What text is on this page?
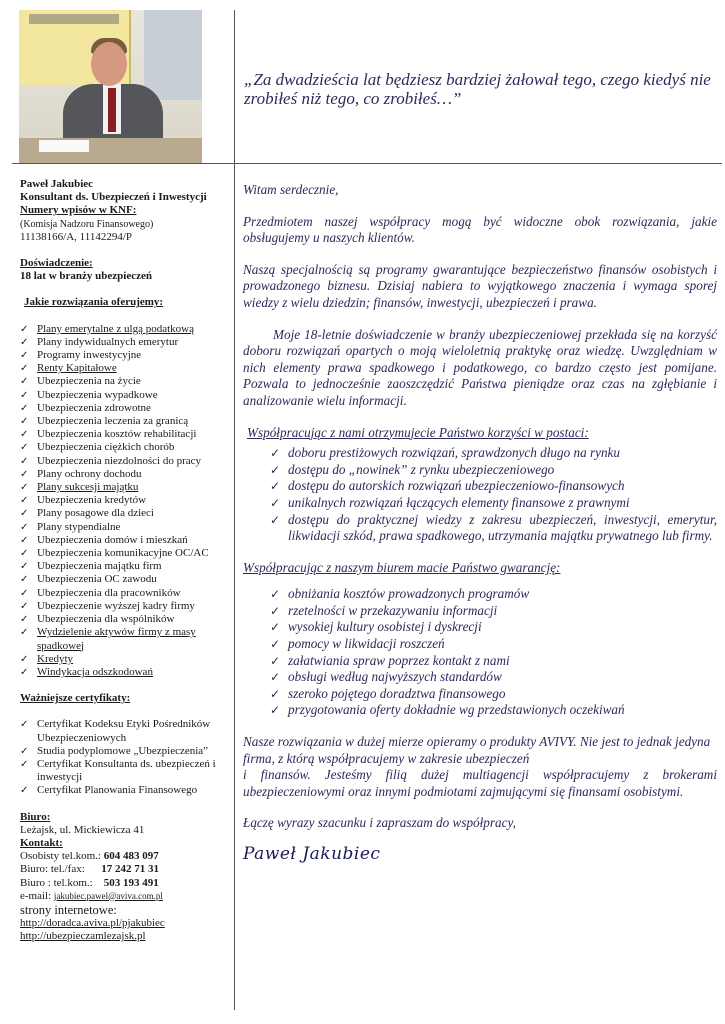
„Za dwadzieścia lat będziesz bardziej żałował tego, czego kiedyś nie zrobiłeś niż tego, co zrobiłeś…”
Paweł Jakubiec
Konsultant ds. Ubezpieczeń i Inwestycji
Numery wpisów w KNF:
(Komisja Nadzoru Finansowego)
11138166/A, 11142294/P
Doświadczenie:
18 lat w branży ubezpieczeń
Jakie rozwiązania oferujemy:
✓ Plany emerytalne z ulgą podatkową
✓ Plany indywidualnych emerytur
✓ Programy inwestycyjne
✓ Renty Kapitałowe
✓ Ubezpieczenia na życie
✓ Ubezpieczenia wypadkowe
✓ Ubezpieczenia zdrowotne
✓ Ubezpieczenia leczenia za granicą
✓ Ubezpieczenia kosztów rehabilitacji
✓ Ubezpieczenia ciężkich chorób
✓ Ubezpieczenia niezdolności do pracy
✓ Plany ochrony dochodu
✓ Plany sukcesji majątku
✓ Ubezpieczenia kredytów
✓ Plany posagowe dla dzieci
✓ Plany stypendialne
✓ Ubezpieczenia domów i mieszkań
✓ Ubezpieczenia komunikacyjne OC/AC
✓ Ubezpieczenia majątku firm
✓ Ubezpieczenia OC zawodu
✓ Ubezpieczenia dla pracowników
✓ Ubezpieczenie wyższej kadry firmy
✓ Ubezpieczenia dla wspólników
✓ Wydzielenie aktywów firmy z masy spadkowej
✓ Kredyty
✓ Windykacja odszkodowań
Ważniejsze certyfikaty:
✓ Certyfikat Kodeksu Etyki Pośredników Ubezpieczeniowych
✓ Studia podyplomowe „Ubezpieczenia”
✓ Certyfikat Konsultanta ds. ubezpieczeń i inwestycji
✓ Certyfikat Planowania Finansowego
Biuro:
Leżajsk, ul. Mickiewicza 41
Kontakt:
Osobisty tel.kom.: 604 483 097
Biuro: tel./fax:      17 242 71 31
Biuro : tel.kom.:    503 193 491
e-mail: jakubiec.pawel@aviva.com.pl
strony internetowe:
http://doradca.aviva.pl/pjakubiec
http://ubezpieczamlezajsk.pl

Witam serdecznie,

Przedmiotem naszej współpracy mogą być widoczne obok rozwiązania, jakie obsługujemy u naszych klientów.

Naszą specjalnością są programy gwarantujące bezpieczeństwo finansów osobistych i prowadzonego biznesu. Dzisiaj nabiera to wyjątkowego znaczenia i wymaga sporej wiedzy z wielu dziedzin; finansów, inwestycji, ubezpieczeń i prawa.

Moje 18-letnie doświadczenie w branży ubezpieczeniowej przekłada się na korzyść doboru rozwiązań opartych o moją wieloletnią praktykę oraz wiedzę. Uwzględniam w nich elementy prawa spadkowego i podatkowego, co bardzo często jest pomijane. Pozwala to jednocześnie zaoszczędzić Państwa pieniądze oraz czas na zgłębianie i analizowanie wielu informacji.

Współpracując z nami otrzymujecie Państwo korzyści w postaci:

✓ doboru prestiżowych rozwiązań, sprawdzonych długo na rynku
✓ dostępu do „nowinek” z rynku ubezpieczeniowego
✓ dostępu do autorskich rozwiązań ubezpieczeniowo-finansowych
✓ unikalnych rozwiązań łączących elementy finansowe z prawnymi
✓ dostępu do praktycznej wiedzy z zakresu ubezpieczeń, inwestycji, emerytur, likwidacji szkód, prawa spadkowego, utrzymania majątku prywatnego lub firmy.

Współpracując z naszym biurem macie Państwo gwarancję:

✓ obniżania kosztów prowadzonych programów
✓ rzetelności w przekazywaniu informacji
✓ wysokiej kultury osobistej i dyskrecji
✓ pomocy w likwidacji roszczeń
✓ załatwiania spraw poprzez kontakt z nami
✓ obsługi według najwyższych standardów
✓ szeroko pojętego doradztwa finansowego
✓ przygotowania oferty dokładnie wg przedstawionych oczekiwań

Nasze rozwiązania w dużej mierze opieramy o produkty AVIVY. Nie jest to jednak jedyna firma, z którą współpracujemy w zakresie ubezpieczeń

i finansów. Jesteśmy filią dużej multiagencji współpracujemy z brokerami ubezpieczeniowymi oraz innymi podmiotami zajmującymi się finansami osobistymi.

Łączę wyrazy szacunku i zapraszam do współpracy,

Paweł Jakubiec
